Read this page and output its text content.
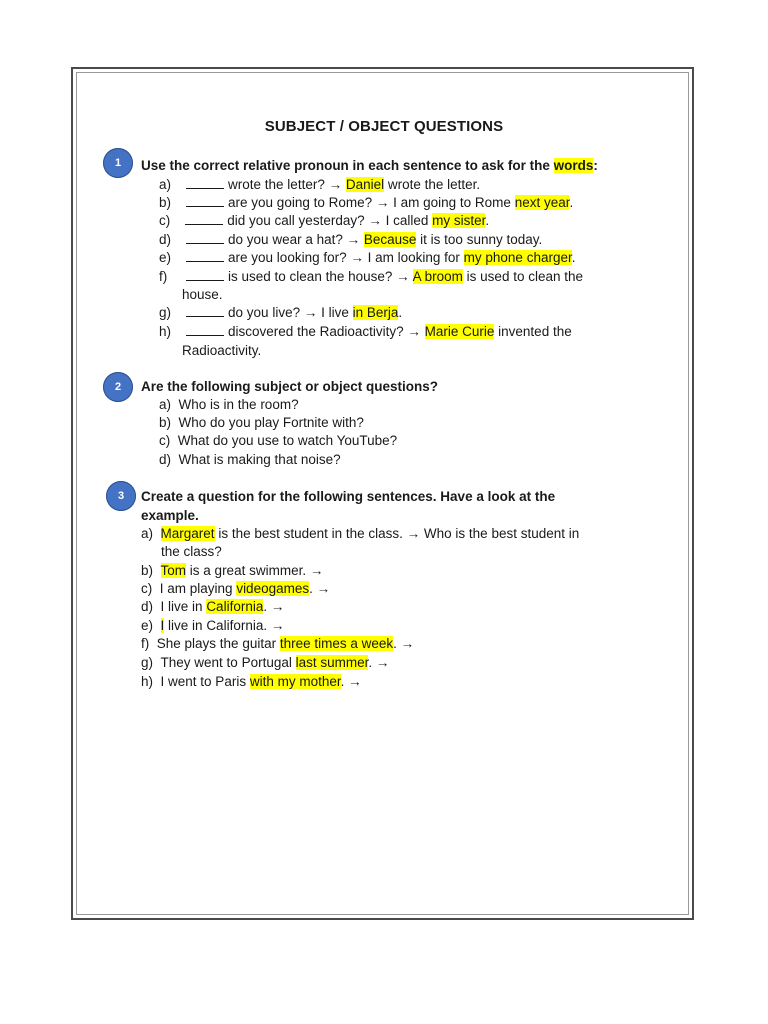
SUBJECT / OBJECT QUESTIONS
1 Use the correct relative pronoun in each sentence to ask for the words:
a)	wrote the letter? → Daniel wrote the letter.
b)	are you going to Rome? → I am going to Rome next year.
c)	did you call yesterday? → I called my sister.
d)	do you wear a hat? → Because it is too sunny today.
e)	are you looking for? → I am looking for my phone charger.
f)	is used to clean the house? → A broom is used to clean the
house.
g)	do you live? → I live in Berja.
h)	discovered the Radioactivity? → Marie Curie invented the
Radioactivity.
2 Are the following subject or object questions?
a) Who is in the room?
b) Who do you play Fortnite with?
c) What do you use to watch YouTube?
d) What is making that noise?
3 Create a question for the following sentences. Have a look at the
example.
a) Margaret is the best student in the class. → Who is the best student in
the class?
b) Tom is a great swimmer. →
c) I am playing videogames. →
d) I live in California. →
e) I live in California. →
f) She plays the guitar three times a week. →
g) They went to Portugal last summer. →
h) I went to Paris with my mother. →
